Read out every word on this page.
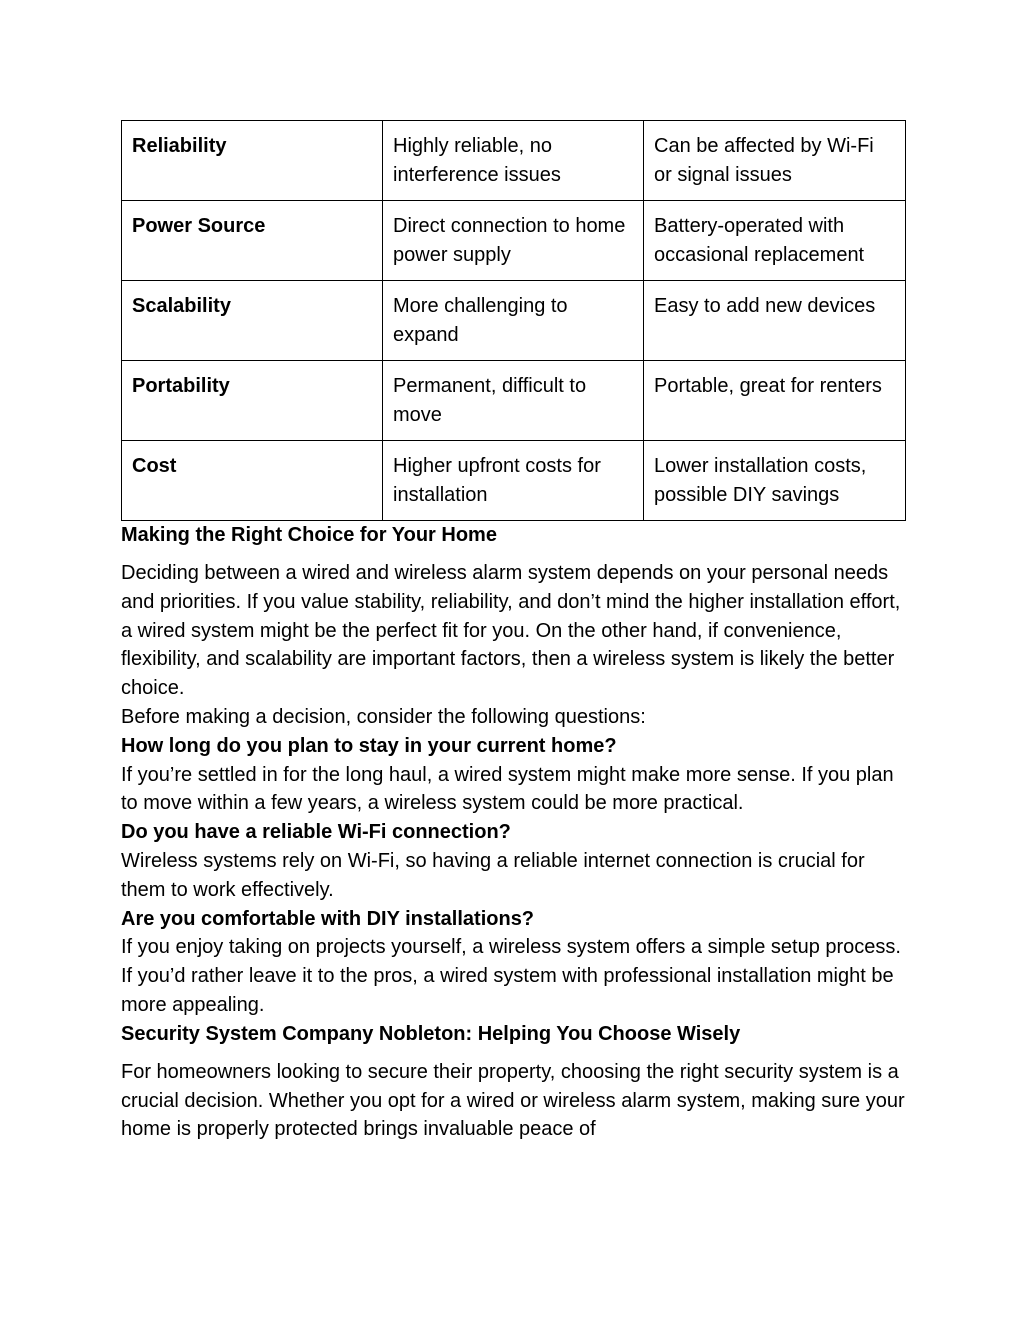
Reliability	Highly reliable, no interference issues	Can be affected by Wi-Fi or signal issues
Power Source	Direct connection to home power supply	Battery-operated with occasional replacement
Scalability	More challenging to expand	Easy to add new devices
Portability	Permanent, difficult to move	Portable, great for renters
Cost	Higher upfront costs for installation	Lower installation costs, possible DIY savings
Making the Right Choice for Your Home

Deciding between a wired and wireless alarm system depends on your personal needs and priorities. If you value stability, reliability, and don’t mind the higher installation effort, a wired system might be the perfect fit for you. On the other hand, if convenience, flexibility, and scalability are important factors, then a wireless system is likely the better choice.

Before making a decision, consider the following questions:

How long do you plan to stay in your current home?

If you’re settled in for the long haul, a wired system might make more sense. If you plan to move within a few years, a wireless system could be more practical.

Do you have a reliable Wi-Fi connection?

Wireless systems rely on Wi-Fi, so having a reliable internet connection is crucial for them to work effectively.

Are you comfortable with DIY installations?

If you enjoy taking on projects yourself, a wireless system offers a simple setup process. If you’d rather leave it to the pros, a wired system with professional installation might be more appealing.

Security System Company Nobleton: Helping You Choose Wisely

For homeowners looking to secure their property, choosing the right security system is a crucial decision. Whether you opt for a wired or wireless alarm system, making sure your home is properly protected brings invaluable peace of
